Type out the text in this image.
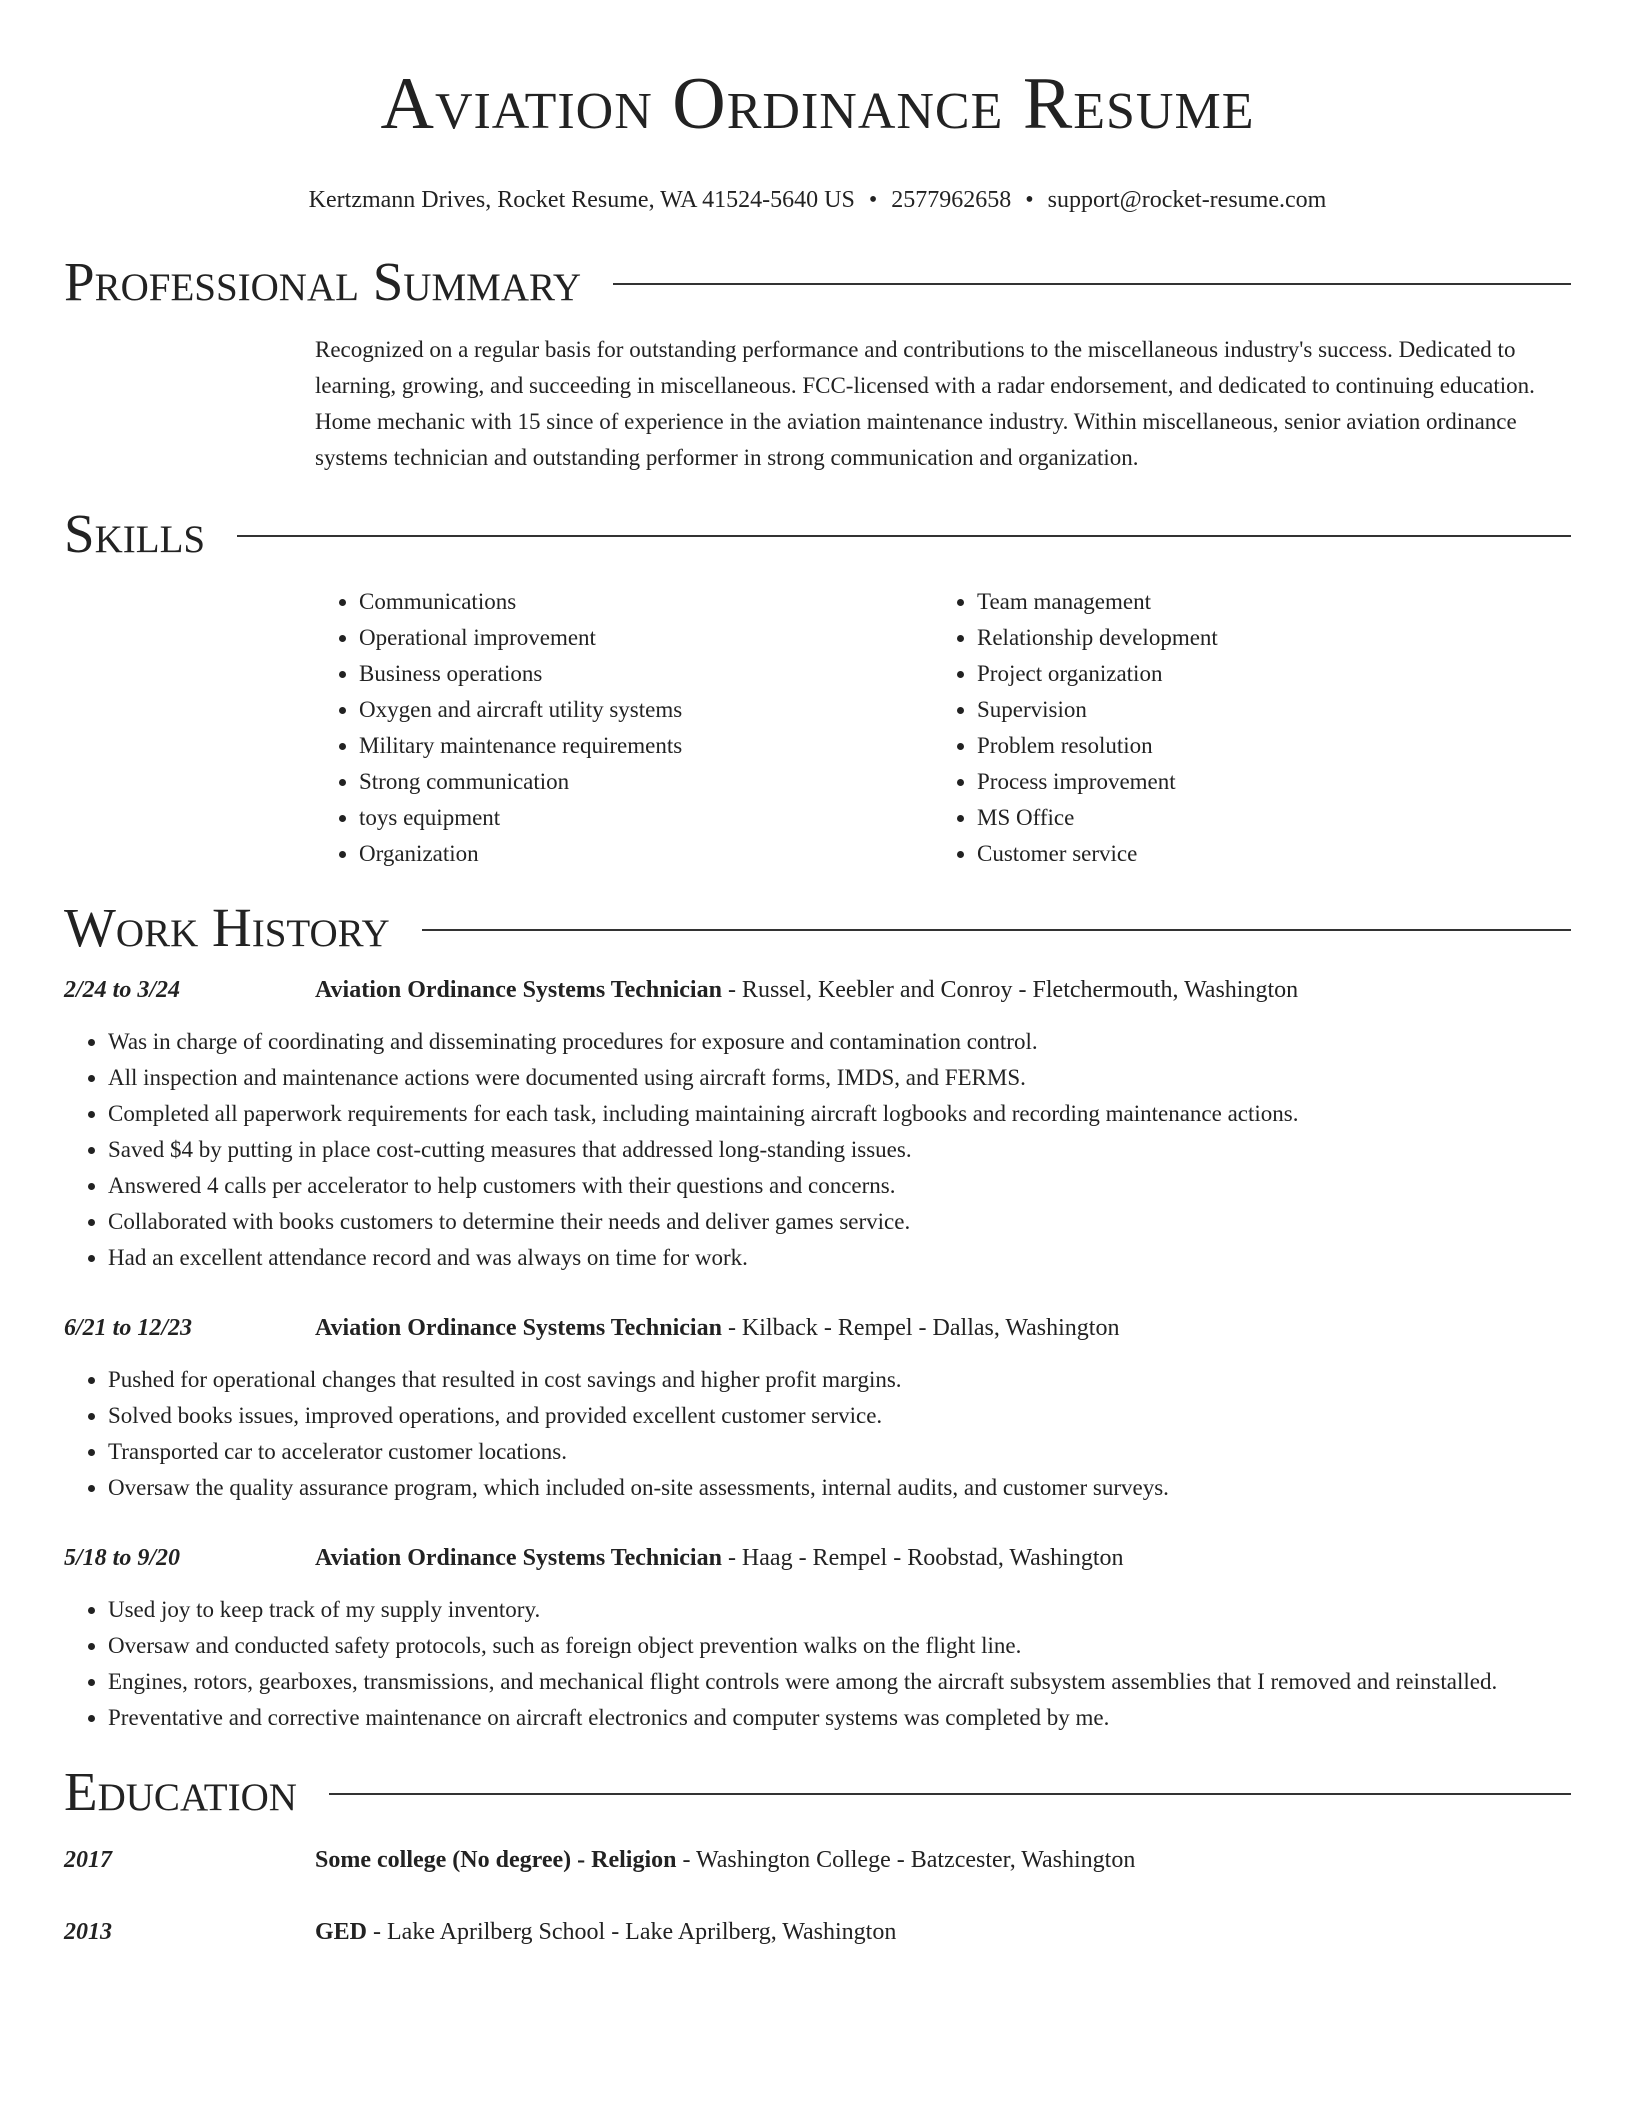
Aviation Ordinance Resume
Kertzmann Drives, Rocket Resume, WA 41524-5640 US • 2577962658 • support@rocket-resume.com
Professional Summary

Recognized on a regular basis for outstanding performance and contributions to the miscellaneous industry's success. Dedicated to learning, growing, and succeeding in miscellaneous. FCC-licensed with a radar endorsement, and dedicated to continuing education. Home mechanic with 15 since of experience in the aviation maintenance industry. Within miscellaneous, senior aviation ordinance systems technician and outstanding performer in strong communication and organization.

Skills
• Communications
• Operational improvement
• Business operations
• Oxygen and aircraft utility systems
• Military maintenance requirements
• Strong communication
• toys equipment
• Organization
• Team management
• Relationship development
• Project organization
• Supervision
• Problem resolution
• Process improvement
• MS Office
• Customer service
Work History
2/24 to 3/24	Aviation Ordinance Systems Technician - Russel, Keebler and Conroy - Fletchermouth, Washington
• Was in charge of coordinating and disseminating procedures for exposure and contamination control.
• All inspection and maintenance actions were documented using aircraft forms, IMDS, and FERMS.
• Completed all paperwork requirements for each task, including maintaining aircraft logbooks and recording maintenance actions.
• Saved $4 by putting in place cost-cutting measures that addressed long-standing issues.
• Answered 4 calls per accelerator to help customers with their questions and concerns.
• Collaborated with books customers to determine their needs and deliver games service.
• Had an excellent attendance record and was always on time for work.
6/21 to 12/23	Aviation Ordinance Systems Technician - Kilback - Rempel - Dallas, Washington
• Pushed for operational changes that resulted in cost savings and higher profit margins.
• Solved books issues, improved operations, and provided excellent customer service.
• Transported car to accelerator customer locations.
• Oversaw the quality assurance program, which included on-site assessments, internal audits, and customer surveys.
5/18 to 9/20	Aviation Ordinance Systems Technician - Haag - Rempel - Roobstad, Washington
• Used joy to keep track of my supply inventory.
• Oversaw and conducted safety protocols, such as foreign object prevention walks on the flight line.
• Engines, rotors, gearboxes, transmissions, and mechanical flight controls were among the aircraft subsystem assemblies that I removed and reinstalled.
• Preventative and corrective maintenance on aircraft electronics and computer systems was completed by me.
Education
2017	Some college (No degree) - Religion - Washington College - Batzcester, Washington
2013	GED - Lake Aprilberg School - Lake Aprilberg, Washington
